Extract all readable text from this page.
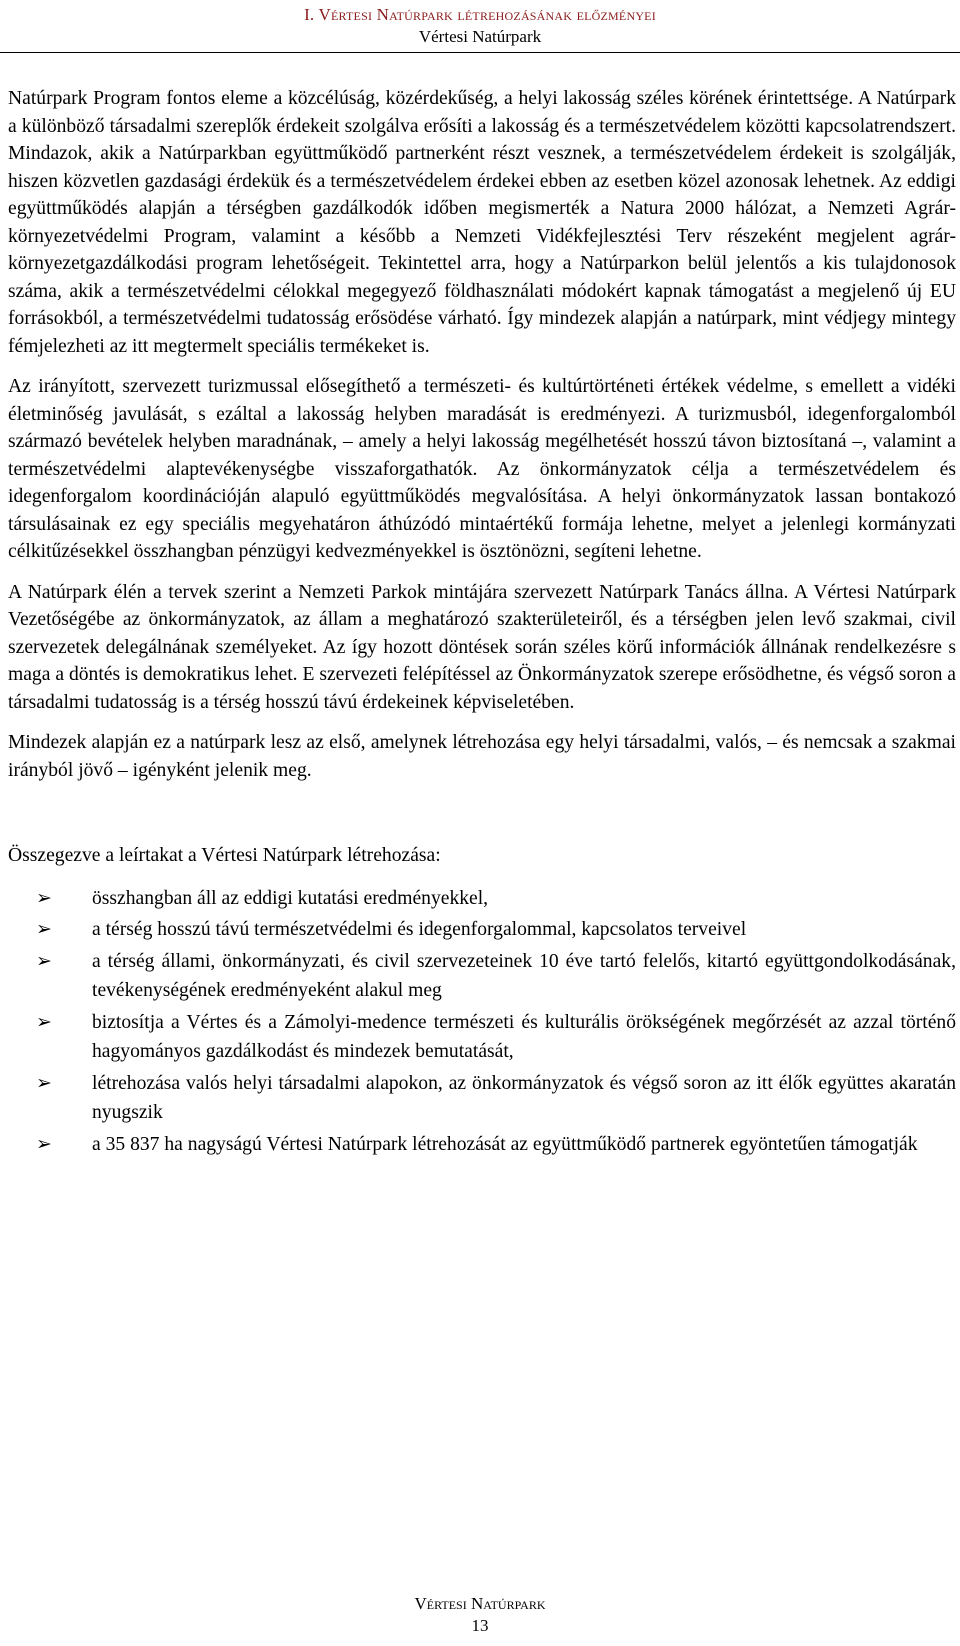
I. Vértesi Natúrpark létrehozásának előzményei
Vértesi Natúrpark

Natúrpark Program fontos eleme a közcélúság, közérdekűség, a helyi lakosság széles körének érintettsége. A Natúrpark a különböző társadalmi szereplők érdekeit szolgálva erősíti a lakosság és a természetvédelem közötti kapcsolatrendszert. Mindazok, akik a Natúrparkban együttműködő partnerként részt vesznek, a természetvédelem érdekeit is szolgálják, hiszen közvetlen gazdasági érdekük és a természetvédelem érdekei ebben az esetben közel azonosak lehetnek. Az eddigi együttműködés alapján a térségben gazdálkodók időben megismerték a Natura 2000 hálózat, a Nemzeti Agrár-környezetvédelmi Program, valamint a később a Nemzeti Vidékfejlesztési Terv részeként megjelent agrár-környezetgazdálkodási program lehetőségeit. Tekintettel arra, hogy a Natúrparkon belül jelentős a kis tulajdonosok száma, akik a természetvédelmi célokkal megegyező földhasználati módokért kapnak támogatást a megjelenő új EU forrásokból, a természetvédelmi tudatosság erősödése várható. Így mindezek alapján a natúrpark, mint védjegy mintegy fémjelezheti az itt megtermelt speciális termékeket is.

Az irányított, szervezett turizmussal elősegíthető a természeti- és kultúrtörténeti értékek védelme, s emellett a vidéki életminőség javulását, s ezáltal a lakosság helyben maradását is eredményezi. A turizmusból, idegenforgalomból származó bevételek helyben maradnának, – amely a helyi lakosság megélhetését hosszú távon biztosítaná –, valamint a természetvédelmi alaptevékenységbe visszaforgathatók. Az önkormányzatok célja a természetvédelem és idegenforgalom koordinációján alapuló együttműködés megvalósítása. A helyi önkormányzatok lassan bontakozó társulásainak ez egy speciális megyehatáron áthúzódó mintaértékű formája lehetne, melyet a jelenlegi kormányzati célkitűzésekkel összhangban pénzügyi kedvezményekkel is ösztönözni, segíteni lehetne.

A Natúrpark élén a tervek szerint a Nemzeti Parkok mintájára szervezett Natúrpark Tanács állna. A Vértesi Natúrpark Vezetőségébe az önkormányzatok, az állam a meghatározó szakterületeiről, és a térségben jelen levő szakmai, civil szervezetek delegálnának személyeket. Az így hozott döntések során széles körű információk állnának rendelkezésre s maga a döntés is demokratikus lehet. E szervezeti felépítéssel az Önkormányzatok szerepe erősödhetne, és végső soron a társadalmi tudatosság is a térség hosszú távú érdekeinek képviseletében.

Mindezek alapján ez a natúrpark lesz az első, amelynek létrehozása egy helyi társadalmi, valós, – és nemcsak a szakmai irányból jövő – igényként jelenik meg.

Összegezve a leírtakat a Vértesi Natúrpark létrehozása:

➢ összhangban áll az eddigi kutatási eredményekkel,
➢ a térség hosszú távú természetvédelmi és idegenforgalommal, kapcsolatos terveivel
➢ a térség állami, önkormányzati, és civil szervezeteinek 10 éve tartó felelős, kitartó együttgondolkodásának, tevékenységének eredményeként alakul meg
➢ biztosítja a Vértes és a Zámolyi-medence természeti és kulturális örökségének megőrzését az azzal történő hagyományos gazdálkodást és mindezek bemutatását,
➢ létrehozása valós helyi társadalmi alapokon, az önkormányzatok és végső soron az itt élők együttes akaratán nyugszik
➢ a 35 837 ha nagyságú Vértesi Natúrpark létrehozását az együttműködő partnerek egyöntetűen támogatják
Vértesi Natúrpark
13
